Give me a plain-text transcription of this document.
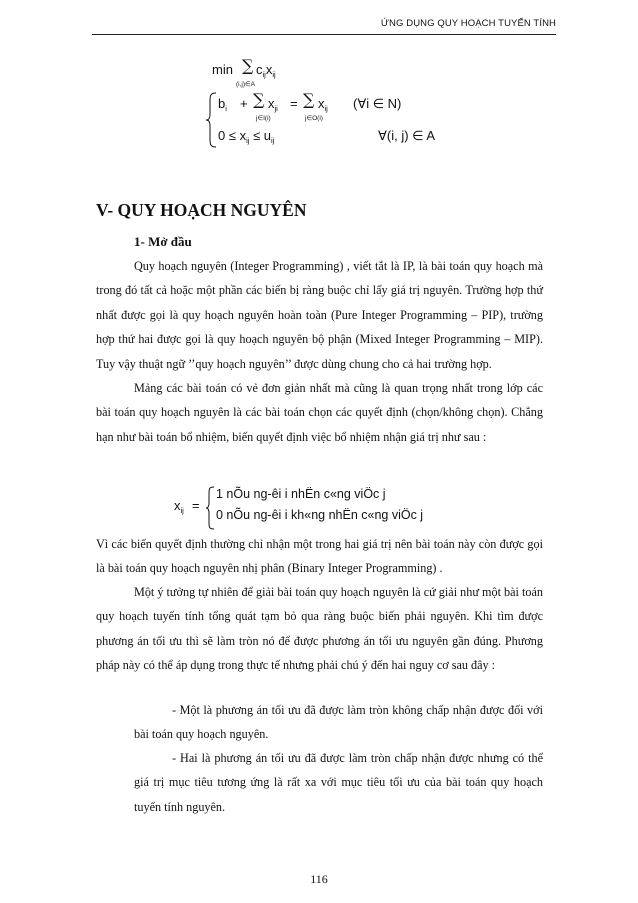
ỨNG DỤNG QUY HOẠCH TUYẾN TÍNH
min ∑ $c_{ij}x_{ij}$
(i,j)∈A
$b_i$ + ∑ $x_{ji}$
j∈I(i)
= ∑ $x_{ij}$
j∈O(i)
(∀i ∈ N)
$0 \le x_{ij} \le u_{ij}$	∀(i, j) ∈ A
V- QUY HOẠCH NGUYÊN
1- Mở đầu

Quy hoạch nguyên (Integer Programming) , viết tắt là IP, là bài toán quy hoạch mà trong đó tất cả hoặc một phần các biến bị ràng buộc chỉ lấy giá trị nguyên. Trường hợp thứ nhất được gọi là quy hoạch nguyên hoàn toàn (Pure Integer Programming – PIP), trường hợp thứ hai được gọi là quy hoạch nguyên bộ phận (Mixed Integer Programming – MIP). Tuy vậy thuật ngữ ’’quy hoạch nguyên’’ được dùng chung cho cả hai trường hợp.

Mảng các bài toán có vẻ đơn giản nhất mà cũng là quan trọng nhất trong lớp các bài toán quy hoạch nguyên là các bài toán chọn các quyết định (chọn/không chọn). Chẳng hạn như bài toán bổ nhiệm, biến quyết định việc bổ nhiệm nhận giá trị như sau :

$x_{ij}$ =
1 nÕu ng-êi i nhËn c«ng viÖc j
0 nÕu ng-êi i kh«ng nhËn c«ng viÖc j

Vì các biến quyết định thường chỉ nhận một trong hai giá trị nên bài toán này còn được gọi là bài toán quy hoạch nguyên nhị phân (Binary Integer Programming) .

Một ý tưởng tự nhiên để giải bài toán quy hoạch nguyên là cứ giải như một bài toán quy hoạch tuyến tính tổng quát tạm bỏ qua ràng buộc biến phải nguyên. Khi tìm được phương án tối ưu thì sẽ làm tròn nó để được phương án tối ưu nguyên gần đúng. Phương pháp này có thể áp dụng trong thực tế nhưng phải chú ý đến hai nguy cơ sau đây :

- Một là phương án tối ưu đã được làm tròn không chấp nhận được đối với bài toán quy hoạch nguyên.

- Hai là phương án tối ưu đã được làm tròn chấp nhận được nhưng có thể giá trị mục tiêu tương ứng là rất xa với mục tiêu tối ưu của bài toán quy hoạch tuyến tính nguyên.

116
